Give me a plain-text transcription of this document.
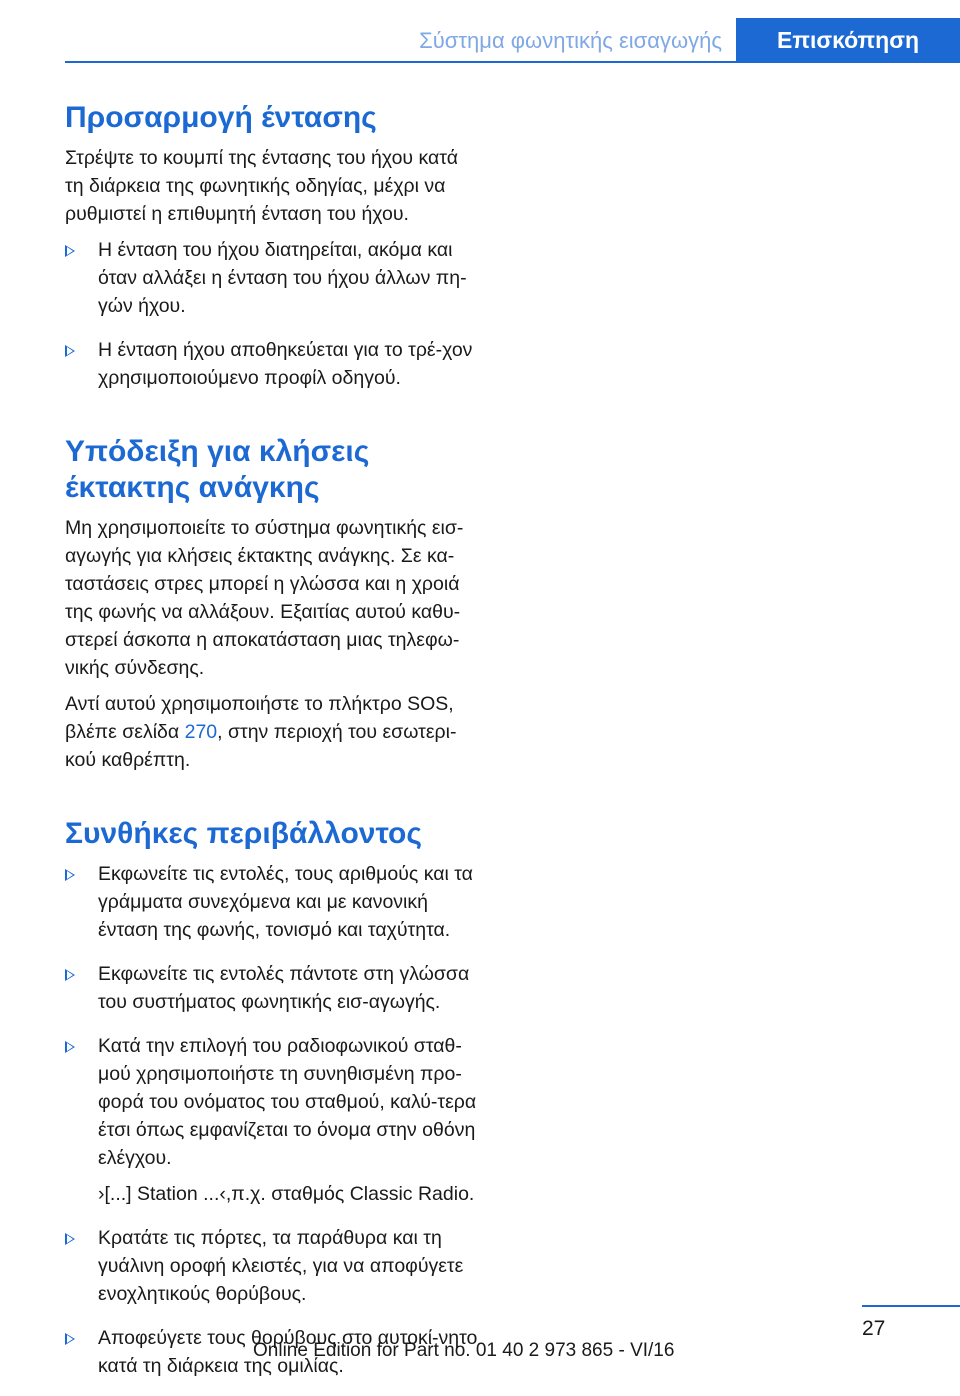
Σύστημα φωνητικής εισαγωγής	Επισκόπηση
Προσαρμογή έντασης

Στρέψτε το κουμπί της έντασης του ήχου κατά τη διάρκεια της φωνητικής οδηγίας, μέχρι να ρυθμιστεί η επιθυμητή ένταση του ήχου.

Η ένταση του ήχου διατηρείται, ακόμα και όταν αλλάξει η ένταση του ήχου άλλων πη‐γών ήχου.

Η ένταση ήχου αποθηκεύεται για το τρέ‐χον χρησιμοποιούμενο προφίλ οδηγού.

Υπόδειξη για κλήσεις
έκτακτης ανάγκης

Μη χρησιμοποιείτε το σύστημα φωνητικής εισ‐αγωγής για κλήσεις έκτακτης ανάγκης. Σε κα‐ταστάσεις στρες μπορεί η γλώσσα και η χροιά της φωνής να αλλάξουν. Εξαιτίας αυτού καθυ‐στερεί άσκοπα η αποκατάσταση μιας τηλεφω‐νικής σύνδεσης.

Αντί αυτού χρησιμοποιήστε το πλήκτρο SOS, βλέπε σελίδα 270, στην περιοχή του εσωτερι‐κού καθρέπτη.

Συνθήκες περιβάλλοντος

Εκφωνείτε τις εντολές, τους αριθμούς και τα γράμματα συνεχόμενα και με κανονική ένταση της φωνής, τονισμό και ταχύτητα.

Εκφωνείτε τις εντολές πάντοτε στη γλώσσα του συστήματος φωνητικής εισ‐αγωγής.

Κατά την επιλογή του ραδιοφωνικού σταθ‐μού χρησιμοποιήστε τη συνηθισμένη προ‐φορά του ονόματος του σταθμού, καλύ‐τερα έτσι όπως εμφανίζεται το όνομα στην οθόνη ελέγχου.

›[...] Station ...‹,π.χ. σταθμός Classic Radio.

Κρατάτε τις πόρτες, τα παράθυρα και τη γυάλινη οροφή κλειστές, για να αποφύγετε ενοχλητικούς θορύβους.

Αποφεύγετε τους θορύβους στο αυτοκί‐νητο κατά τη διάρκεια της ομιλίας.

27
Online Edition for Part no. 01 40 2 973 865 - VI/16
